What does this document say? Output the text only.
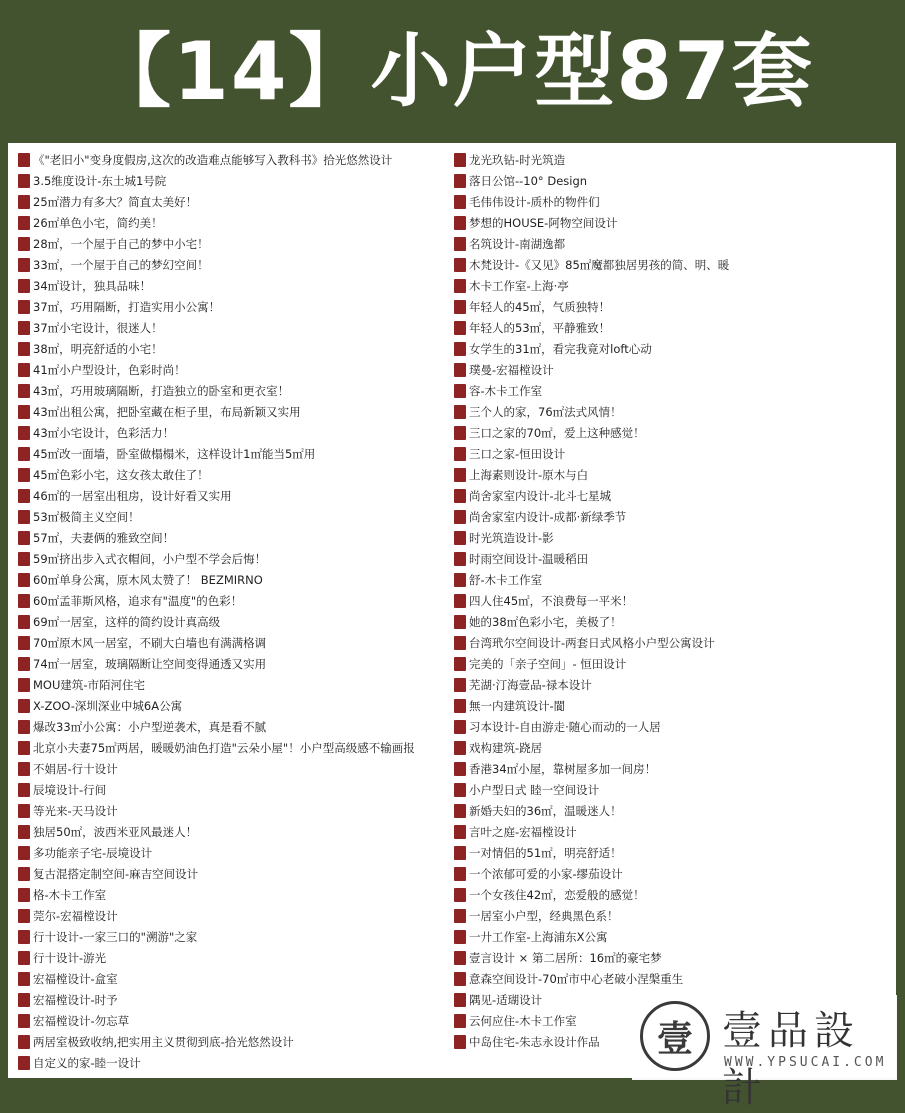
【14】小户型87套
《"老旧小"变身度假房,这次的改造难点能够写入教科书》拾光悠然设计
3.5维度设计-东土城1号院
25㎡潜力有多大？简直太美好！
26㎡单色小宅，简约美！
28㎡，一个屋于自己的梦中小宅！
33㎡，一个屋于自己的梦幻空间！
34㎡设计，独具品味！
37㎡，巧用隔断，打造实用小公寓！
37㎡小宅设计，很迷人！
38㎡，明亮舒适的小宅！
41㎡小户型设计，色彩时尚！
43㎡，巧用玻璃隔断，打造独立的卧室和更衣室！
43㎡出租公寓，把卧室藏在柜子里，布局新颖又实用
43㎡小宅设计，色彩活力！
45㎡改一面墙，卧室做榻榻米，这样设计1㎡能当5㎡用
45㎡色彩小宅，这女孩太敢住了！
46㎡的一居室出租房，设计好看又实用
53㎡极简主义空间！
57㎡，夫妻俩的雅致空间！
59㎡挤出步入式衣帽间，小户型不学会后悔！
60㎡单身公寓，原木风太赞了！ BEZMIRNO
60㎡孟菲斯风格，追求有"温度"的色彩！
69㎡一居室，这样的简约设计真高级
70㎡原木风一居室，不刷大白墙也有满满格调
74㎡一居室，玻璃隔断让空间变得通透又实用
MOU建筑-市陌河住宅
X-ZOO-深圳深业中城6A公寓
爆改33㎡小公寓：小户型逆袭术，真是看不腻
北京小夫妻75㎡两居，暖暖奶油色打造"云朵小屋"！小户型高级感不输画报
不娟居-行十设计
辰境设计-行间
等光来-天马设计
独居50㎡，波西米亚风最迷人！
多功能亲子宅-辰境设计
复古混搭定制空间-麻吉空间设计
格-木卡工作室
莞尔-宏福樘设计
行十设计-一家三口的"溯游"之家
行十设计-游光
宏福樘设计-盒室
宏福樘设计-时予
宏福樘设计-勿忘草
两居室极致收纳,把实用主义贯彻到底-拾光悠然设计
自定义的家-睦一设计
龙光玖钻-时光筑造
落日公馆--10° Design
毛伟伟设计-质朴的物件们
梦想的HOUSE-阿物空间设计
名筑设计-南湖逸都
木梵设计-《又见》85㎡魔都独居男孩的简、明、暖
木卡工作室-上海·亭
年轻人的45㎡，气质独特！
年轻人的53㎡，平静雅致！
女学生的31㎡，看完我竟对loft心动
璞曼-宏福樘设计
容-木卡工作室
三个人的家，76㎡法式风情！
三口之家的70㎡，爱上这种感觉！
三口之家-恒田设计
上海素则设计-原木与白
尚舍家室内设计-北斗七星城
尚舍家室内设计-成都·新绿季节
时光筑造设计-影
时雨空间设计-温暖稻田
舒-木卡工作室
四人住45㎡，不浪费每一平米！
她的38㎡色彩小宅，美极了！
台湾玳尔空间设计-两套日式风格小户型公寓设计
完美的「亲子空间」- 恒田设计
芜湖·汀海壹品-禄本设计
無一内建筑设计-閬
习本设计-自由游走·随心而动的一人居
戏构建筑-跷居
香港34㎡小屋，靠树屋多加一间房！
小户型日式 睦一空间设计
新婚夫妇的36㎡，温暖迷人！
言叶之庭-宏福樘设计
一对情侣的51㎡，明亮舒适！
一个浓郁可爱的小家-缪茄设计
一个女孩住42㎡，恋爱般的感觉！
一居室小户型，经典黑色系！
一廾工作室-上海浦东X公寓
壹言设计 × 第二居所：16㎡的豪宅梦
意森空间设计-70㎡市中心老破小涅槃重生
隅见-适瑚设计
云何应住-木卡工作室
中岛住宅-朱志永设计作品 壹 壹品設計
WWW.YPSUCAI.COM
